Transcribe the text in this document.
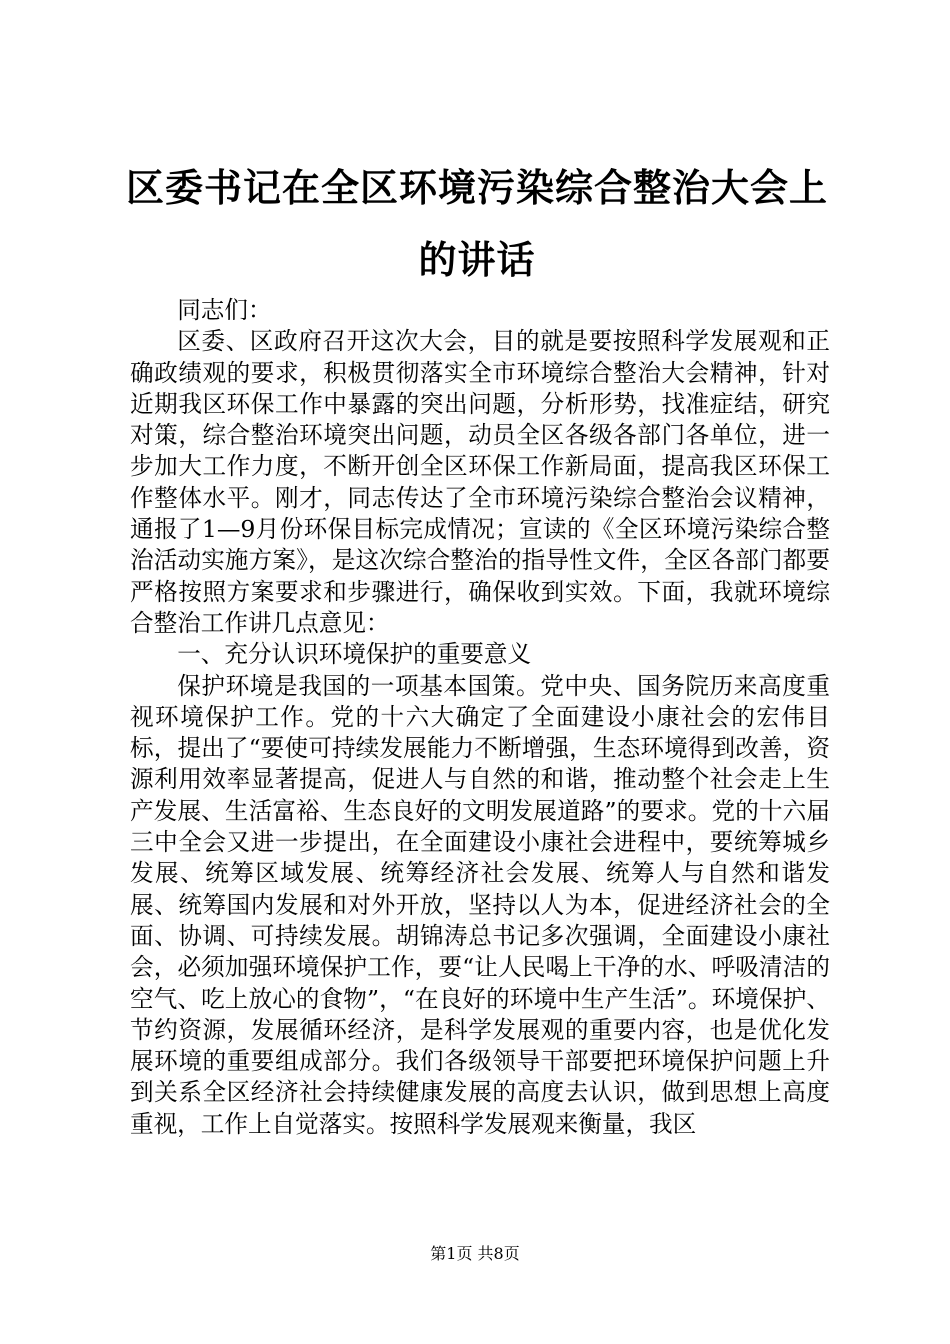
区委书记在全区环境污染综合整治大会上的讲话

同志们：

区委、区政府召开这次大会，目的就是要按照科学发展观和正确政绩观的要求，积极贯彻落实全市环境综合整治大会精神，针对近期我区环保工作中暴露的突出问题，分析形势，找准症结，研究对策，综合整治环境突出问题，动员全区各级各部门各单位，进一步加大工作力度，不断开创全区环保工作新局面，提高我区环保工作整体水平。刚才，同志传达了全市环境污染综合整治会议精神，通报了1—9月份环保目标完成情况；宣读的《全区环境污染综合整治活动实施方案》，是这次综合整治的指导性文件，全区各部门都要严格按照方案要求和步骤进行，确保收到实效。下面，我就环境综合整治工作讲几点意见：

一、充分认识环境保护的重要意义

保护环境是我国的一项基本国策。党中央、国务院历来高度重视环境保护工作。党的十六大确定了全面建设小康社会的宏伟目标，提出了“要使可持续发展能力不断增强，生态环境得到改善，资源利用效率显著提高，促进人与自然的和谐，推动整个社会走上生产发展、生活富裕、生态良好的文明发展道路”的要求。党的十六届三中全会又进一步提出，在全面建设小康社会进程中，要统筹城乡发展、统筹区域发展、统筹经济社会发展、统筹人与自然和谐发展、统筹国内发展和对外开放，坚持以人为本，促进经济社会的全面、协调、可持续发展。胡锦涛总书记多次强调，全面建设小康社会，必须加强环境保护工作，要“让人民喝上干净的水、呼吸清洁的空气、吃上放心的食物”，“在良好的环境中生产生活”。环境保护、节约资源，发展循环经济，是科学发展观的重要内容，也是优化发展环境的重要组成部分。我们各级领导干部要把环境保护问题上升到关系全区经济社会持续健康发展的高度去认识，做到思想上高度重视，工作上自觉落实。按照科学发展观来衡量，我区

第1页 共8页
